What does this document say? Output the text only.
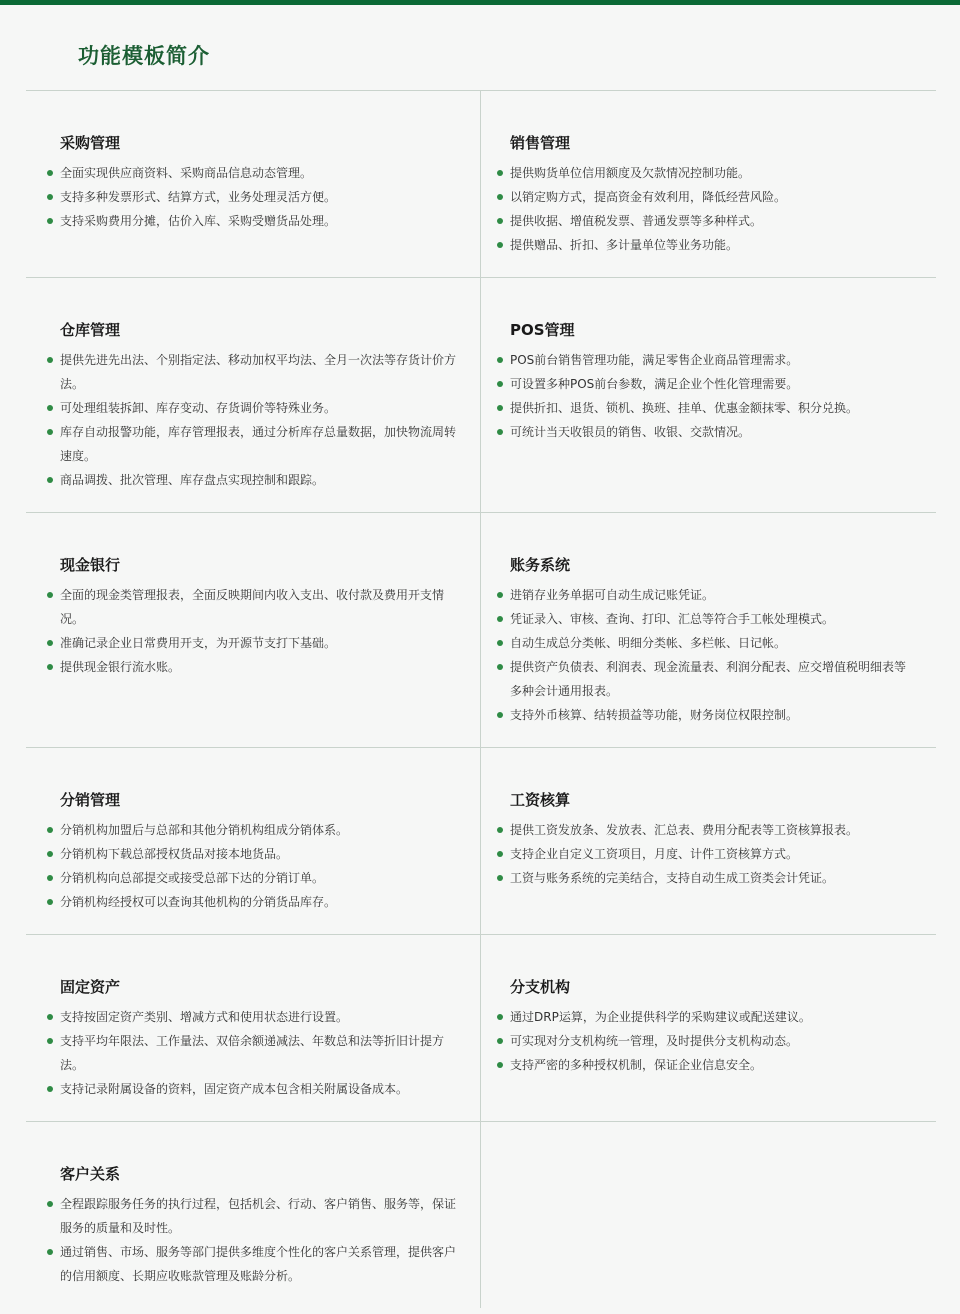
功能模板简介
采购管理
全面实现供应商资料、采购商品信息动态管理。
支持多种发票形式、结算方式，业务处理灵活方便。
支持采购费用分摊，估价入库、采购受赠货品处理。
销售管理
提供购货单位信用额度及欠款情况控制功能。
以销定购方式，提高资金有效利用，降低经营风险。
提供收据、增值税发票、普通发票等多种样式。
提供赠品、折扣、多计量单位等业务功能。
仓库管理
提供先进先出法、个别指定法、移动加权平均法、全月一次法等存货计价方法。
可处理组装拆卸、库存变动、存货调价等特殊业务。
库存自动报警功能，库存管理报表，通过分析库存总量数据，加快物流周转速度。
商品调拨、批次管理、库存盘点实现控制和跟踪。
POS管理
POS前台销售管理功能，满足零售企业商品管理需求。
可设置多种POS前台参数，满足企业个性化管理需要。
提供折扣、退货、锁机、换班、挂单、优惠金额抹零、积分兑换。
可统计当天收银员的销售、收银、交款情况。
现金银行
全面的现金类管理报表，全面反映期间内收入支出、收付款及费用开支情况。
准确记录企业日常费用开支，为开源节支打下基础。
提供现金银行流水账。
账务系统
进销存业务单据可自动生成记账凭证。
凭证录入、审核、查询、打印、汇总等符合手工帐处理模式。
自动生成总分类帐、明细分类帐、多栏帐、日记帐。
提供资产负债表、利润表、现金流量表、利润分配表、应交增值税明细表等多种会计通用报表。
支持外币核算、结转损益等功能，财务岗位权限控制。
分销管理
分销机构加盟后与总部和其他分销机构组成分销体系。
分销机构下载总部授权货品对接本地货品。
分销机构向总部提交或接受总部下达的分销订单。
分销机构经授权可以查询其他机构的分销货品库存。
工资核算
提供工资发放条、发放表、汇总表、费用分配表等工资核算报表。
支持企业自定义工资项目，月度、计件工资核算方式。
工资与账务系统的完美结合，支持自动生成工资类会计凭证。
固定资产
支持按固定资产类别、增减方式和使用状态进行设置。
支持平均年限法、工作量法、双倍余额递减法、年数总和法等折旧计提方法。
支持记录附属设备的资料，固定资产成本包含相关附属设备成本。
分支机构
通过DRP运算，为企业提供科学的采购建议或配送建议。
可实现对分支机构统一管理，及时提供分支机构动态。
支持严密的多种授权机制，保证企业信息安全。
客户关系
全程跟踪服务任务的执行过程，包括机会、行动、客户销售、服务等，保证服务的质量和及时性。
通过销售、市场、服务等部门提供多维度个性化的客户关系管理，提供客户的信用额度、长期应收账款管理及账龄分析。
